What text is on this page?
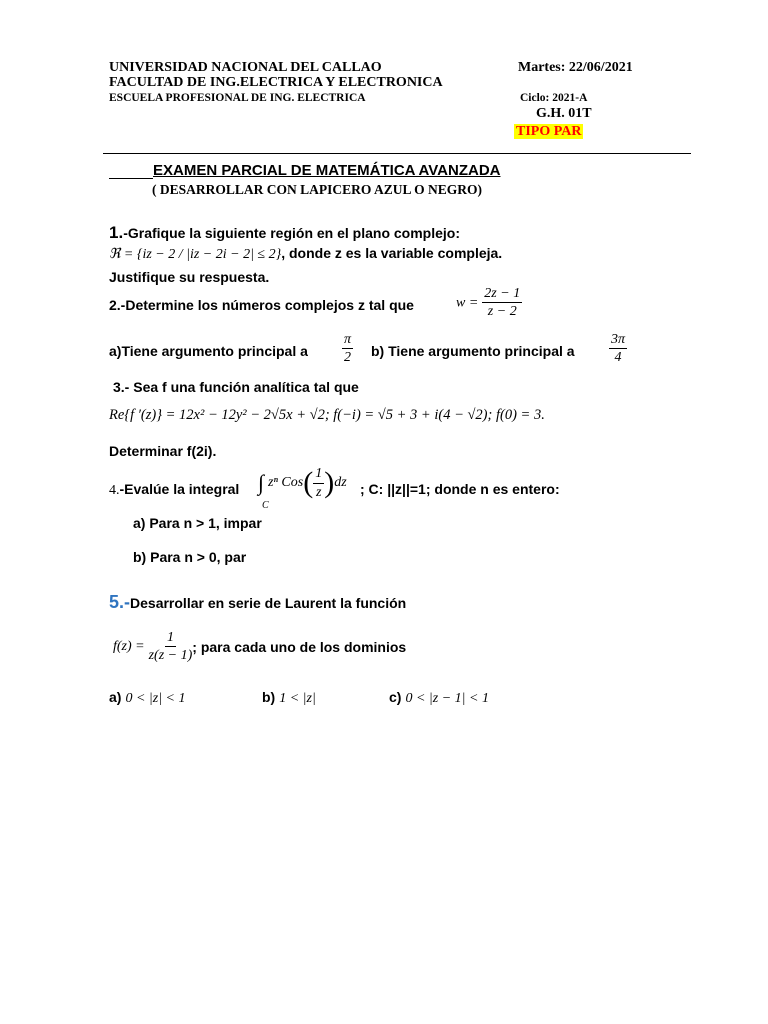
UNIVERSIDAD NACIONAL DEL CALLAO
FACULTAD DE ING.ELECTRICA Y ELECTRONICA
ESCUELA PROFESIONAL DE ING. ELECTRICA
Martes: 22/06/2021
Ciclo: 2021-A
G.H. 01T
TIPO PAR
EXAMEN PARCIAL DE MATEMÁTICA AVANZADA
( DESARROLLAR CON LAPICERO AZUL O NEGRO)
1.-Grafique la siguiente región en el plano complejo:
ℜ = {iz − 2 / |iz − 2i − 2| ≤ 2}, donde z es la variable compleja.
Justifique su respuesta.
2.-Determine los números complejos z tal que	$w = \frac{2z - 1}{z - 2}$
a)Tiene argumento principal a $\frac{\pi}{2} b$) Tiene argumento principal a $\frac{3\pi}{4}$
3.- Sea f una función analítica tal que
Re{f ′(z)} = 12x² − 12y² − 2√5x + √2; f(−i) = √5 + 3 + i(4 − √2); f(0) = 3.
Determinar f(2i).
4.-Evalúe la integral ∫ zⁿ $Cos( \frac{1}{z} )dz$
C
; C: ||z||=1; donde n es entero:
a) Para n > 1, impar
b) Para n > 0, par
5.-Desarrollar en serie de Laurent la función
$f(z) = \frac{1}{z(z - 1)}$ ; para cada uno de los dominios
a) 0 < |z| < 1	b) 1 < |z|	c) 0 < |z − 1| < 1
